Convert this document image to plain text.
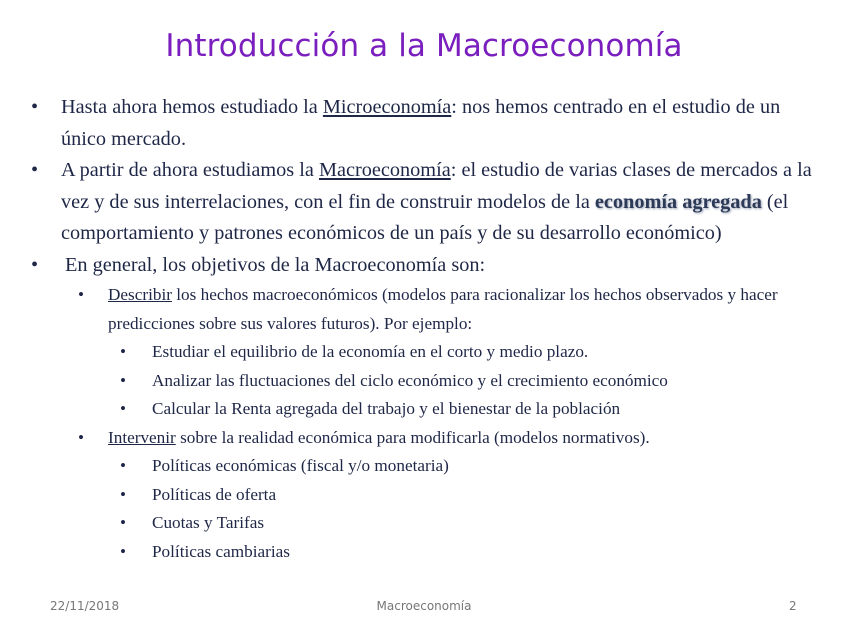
Introducción a la Macroeconomía
• Hasta ahora hemos estudiado la Microeconomía: nos hemos centrado en el estudio de un único mercado.
• A partir de ahora estudiamos la Macroeconomía: el estudio de varias clases de mercados a la vez y de sus interrelaciones, con el fin de construir modelos de la economía agregada (el comportamiento y patrones económicos de un país y de su desarrollo económico)
• En general, los objetivos de la Macroeconomía son:
• Describir los hechos macroeconómicos (modelos para racionalizar los hechos observados y hacer predicciones sobre sus valores futuros). Por ejemplo:
• Estudiar el equilibrio de la economía en el corto y medio plazo.
• Analizar las fluctuaciones del ciclo económico y el crecimiento económico
• Calcular la Renta agregada del trabajo y el bienestar de la población
• Intervenir sobre la realidad económica para modificarla (modelos normativos).
• Políticas económicas (fiscal y/o monetaria)
• Políticas de oferta
• Cuotas y Tarifas
• Políticas cambiarias
22/11/2018	Macroeconomía	2
